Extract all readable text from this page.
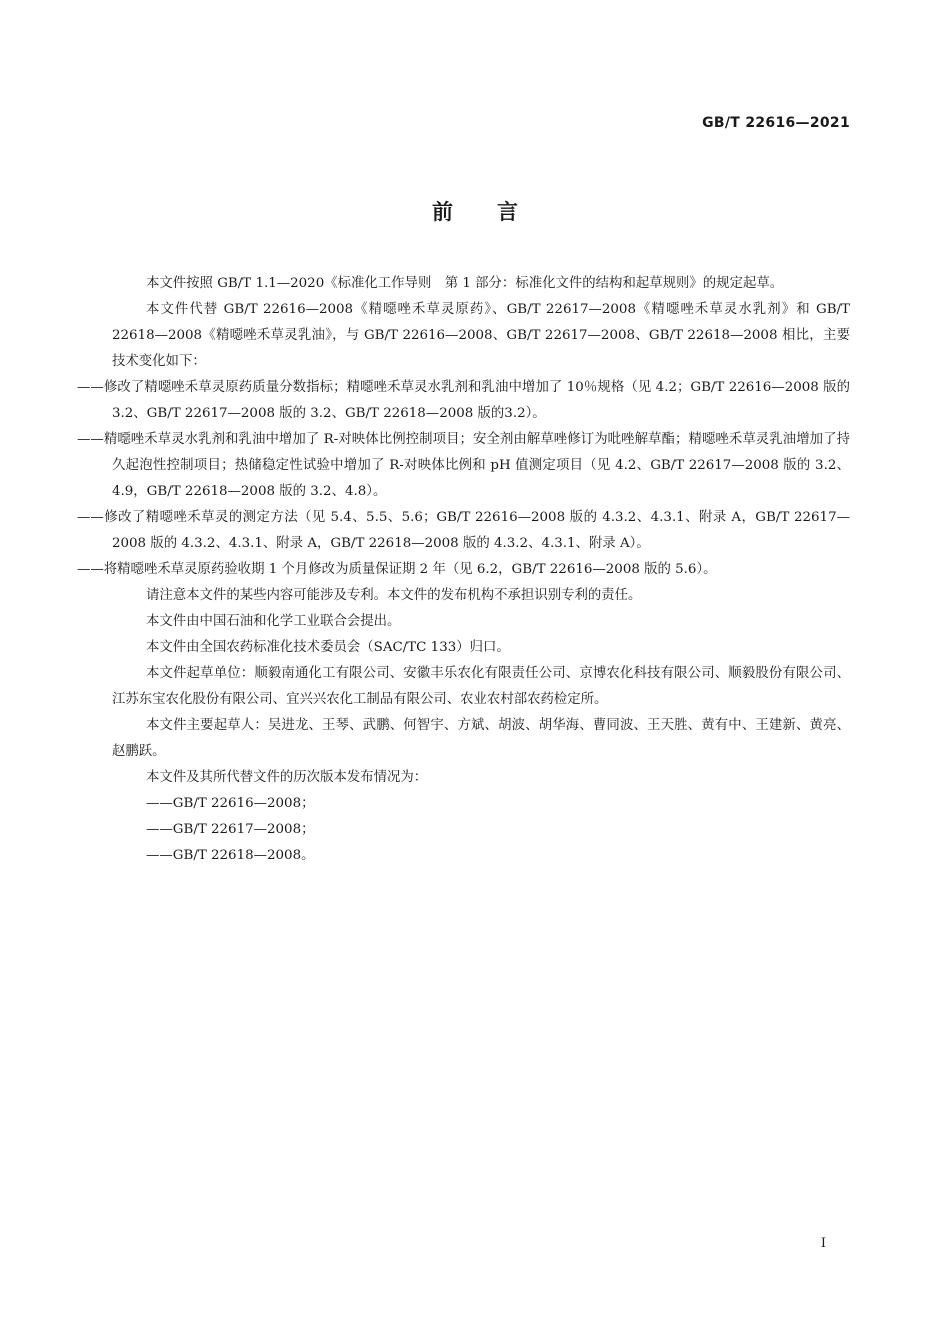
GB/T 22616—2021
前言

本文件按照 GB/T 1.1—2020《标准化工作导则　第 1 部分：标准化文件的结构和起草规则》的规定起草。

本文件代替 GB/T 22616—2008《精噁唑禾草灵原药》、GB/T 22617—2008《精噁唑禾草灵水乳剂》和 GB/T 22618—2008《精噁唑禾草灵乳油》，与 GB/T 22616—2008、GB/T 22617—2008、GB/T 22618—2008 相比，主要技术变化如下：

——修改了精噁唑禾草灵原药质量分数指标；精噁唑禾草灵水乳剂和乳油中增加了 10％规格（见 4.2；GB/T 22616—2008 版的 3.2、GB/T 22617—2008 版的 3.2、GB/T 22618—2008 版的3.2）。

——精噁唑禾草灵水乳剂和乳油中增加了 R-对映体比例控制项目；安全剂由解草唑修订为吡唑解草酯；精噁唑禾草灵乳油增加了持久起泡性控制项目；热储稳定性试验中增加了 R-对映体比例和 pH 值测定项目（见 4.2、GB/T 22617—2008 版的 3.2、4.9，GB/T 22618—2008 版的 3.2、4.8）。

——修改了精噁唑禾草灵的测定方法（见 5.4、5.5、5.6；GB/T 22616—2008 版的 4.3.2、4.3.1、附录 A，GB/T 22617—2008 版的 4.3.2、4.3.1、附录 A，GB/T 22618—2008 版的 4.3.2、4.3.1、附录 A）。

——将精噁唑禾草灵原药验收期 1 个月修改为质量保证期 2 年（见 6.2，GB/T 22616—2008 版的 5.6）。

请注意本文件的某些内容可能涉及专利。本文件的发布机构不承担识别专利的责任。

本文件由中国石油和化学工业联合会提出。

本文件由全国农药标准化技术委员会（SAC/TC 133）归口。

本文件起草单位：顺毅南通化工有限公司、安徽丰乐农化有限责任公司、京博农化科技有限公司、顺毅股份有限公司、江苏东宝农化股份有限公司、宜兴兴农化工制品有限公司、农业农村部农药检定所。

本文件主要起草人：吴进龙、王琴、武鹏、何智宇、方斌、胡波、胡华海、曹同波、王天胜、黄有中、王建新、黄亮、赵鹏跃。

本文件及其所代替文件的历次版本发布情况为：

——GB/T 22616—2008；

——GB/T 22617—2008；

——GB/T 22618—2008。

I
